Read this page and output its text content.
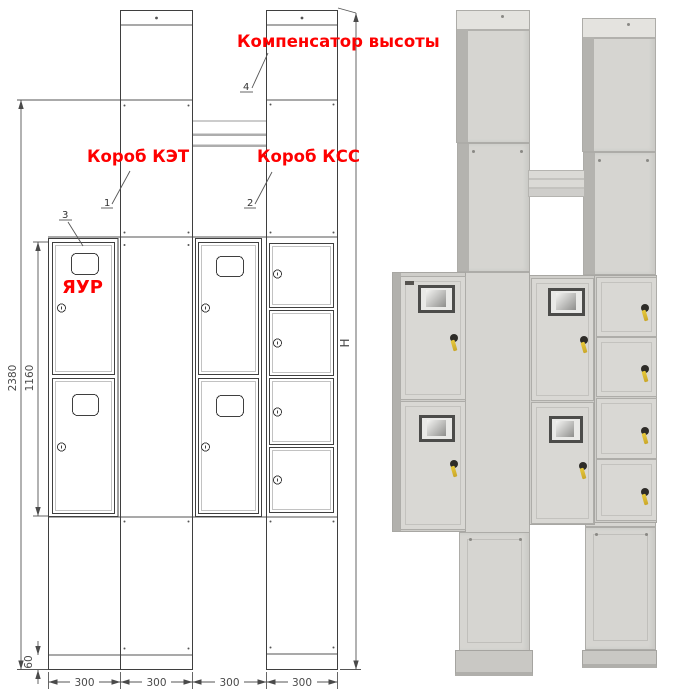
2380 1160
60
H
300	300	300	300
4
1	2
3
Компенсатор высоты
Короб КЭТ	Короб КСС
ЯУР
